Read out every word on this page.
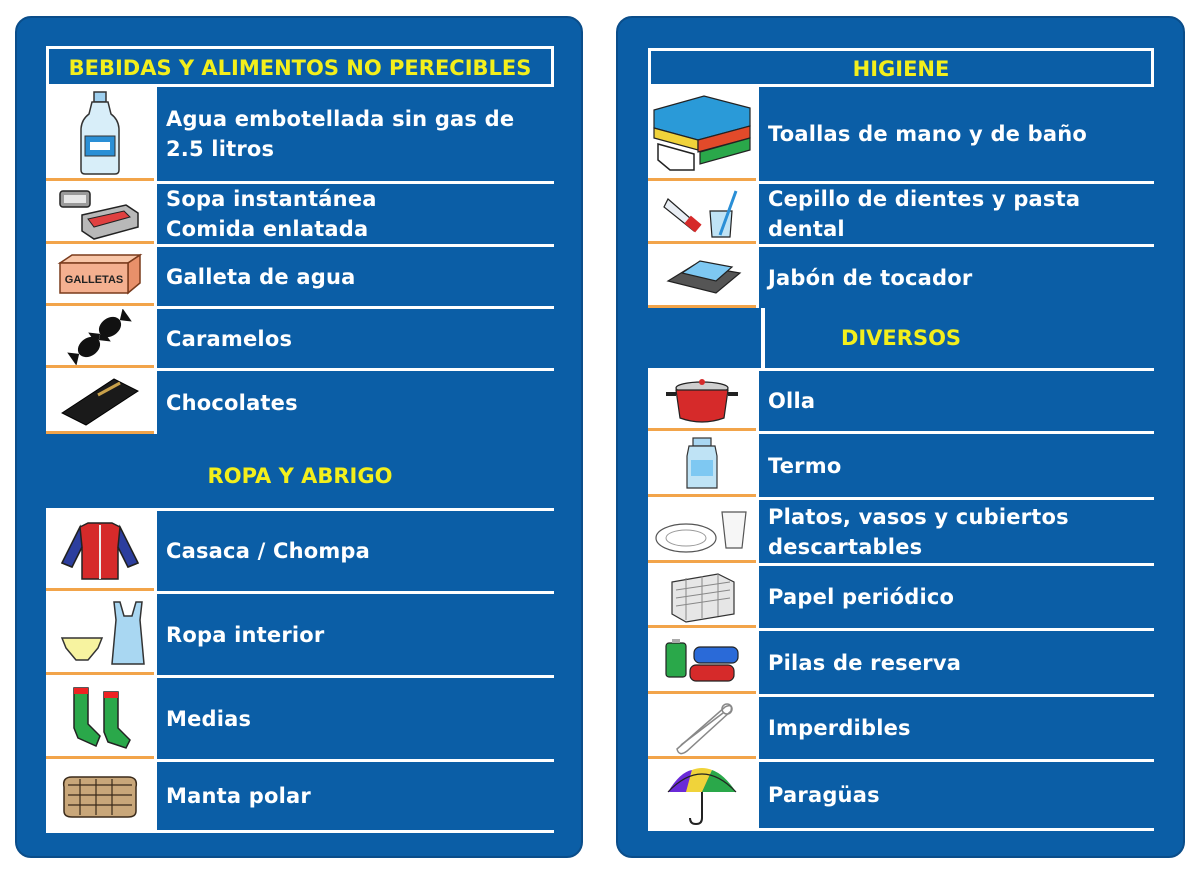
BEBIDAS Y ALIMENTOS NO PERECIBLES
Agua embotellada sin gas de
2.5 litros
Sopa instantánea
Comida enlatada
GALLETAS	Galleta de agua
Caramelos
Chocolates
ROPA Y ABRIGO
Casaca / Chompa
Ropa interior
Medias
Manta polar
HIGIENE
Toallas de mano y de baño
Cepillo de dientes y pasta
dental
Jabón de tocador
DIVERSOS
Olla
Termo
Platos, vasos y cubiertos
descartables
Papel periódico
Pilas de reserva
Imperdibles
Paragüas
